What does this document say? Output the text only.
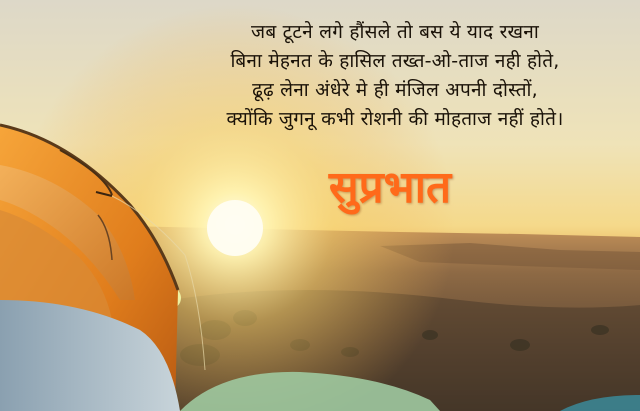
जब टूटने लगे हौंसले तो बस ये याद रखना
बिना मेहनत के हासिल तख्त-ओ-ताज नही होते,
ढूढ़ लेना अंधेरे मे ही मंजिल अपनी दोस्तों,
क्योंकि जुगनू कभी रोशनी की मोहताज नहीं होते।
सुप्रभात
